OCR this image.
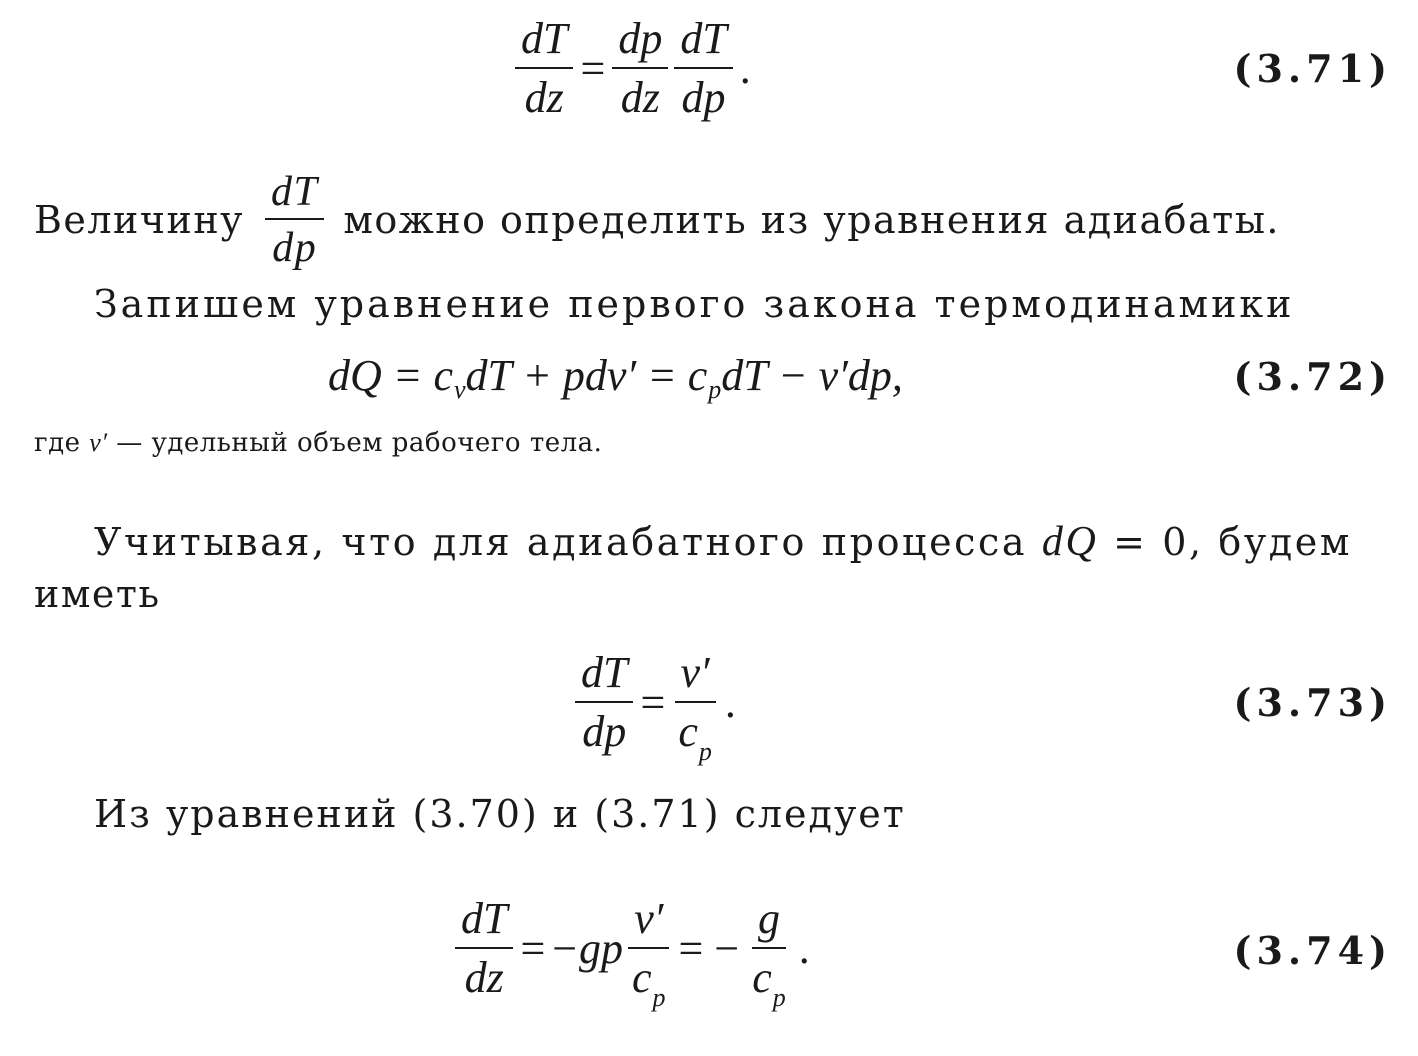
$\frac{dT}{dz} = \frac{dp}{dz} \frac{dT}{dp}$ .	(3.71)
Величину $\frac{dT}{dp}$ можно определить из уравнения адиабаты.
Запишем уравнение первого закона термодинамики
dQ = c v dT + pdv′ = c p dT − v′dp,	(3.72)
где v′ — удельный объем рабочего тела.
Учитывая, что для адиабатного процесса dQ = 0, будем
иметь
$\frac{dT}{dp} = \frac{v'}{c_p}$ .	(3.73)
Из уравнений (3.70) и (3.71) следует
$\frac{dT}{dz} = -gp \frac{v'}{c_p}$ = − $\frac{g}{c_p}$ .	(3.74)
